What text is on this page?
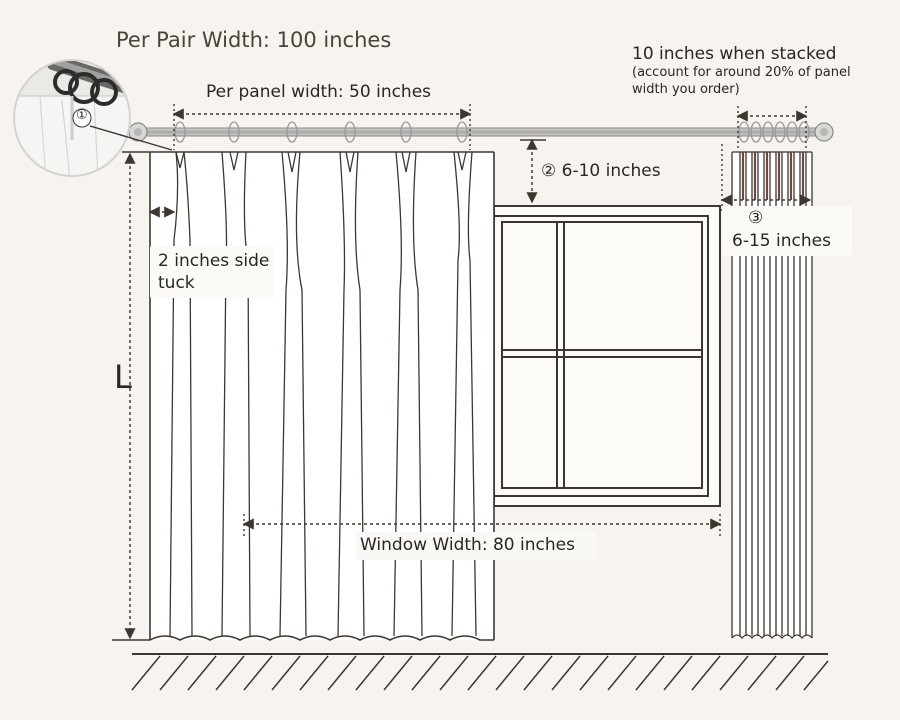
Per Pair Width: 100 inches
Per panel width: 50 inches
10 inches when stacked
(account for around 20% of panel width you order)
② 6-10 inches
①
2 inches side tuck
③
6-15 inches
L
Window Width: 80 inches
